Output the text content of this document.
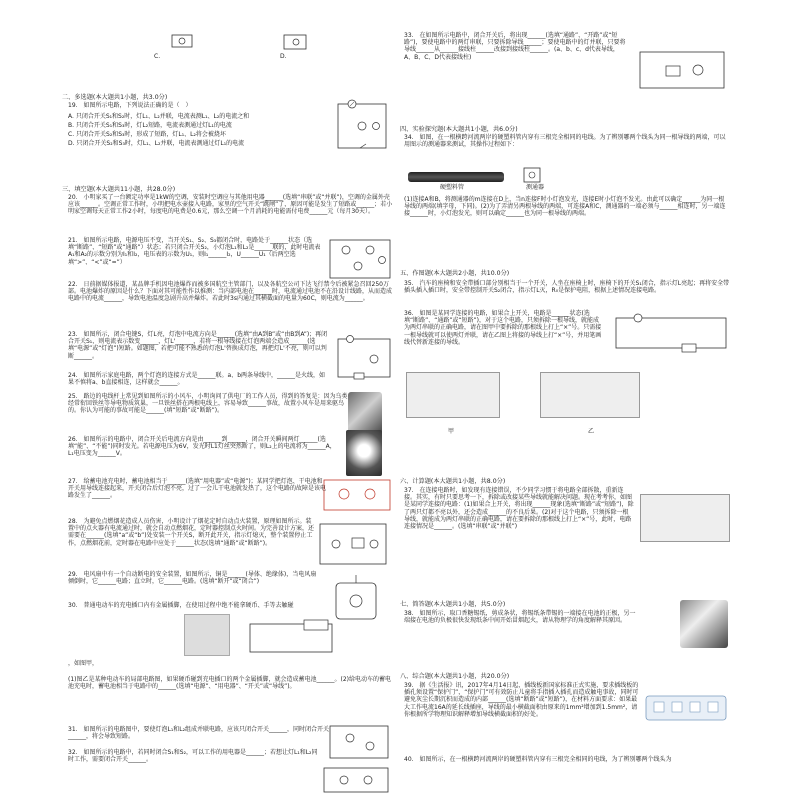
C.	D.
二、多选题(本大题共1小题，共3.0分)
19.　如图所示电路，下列说法正确的是（　）
A. 只闭合开关S₁和S₂时，灯L₁、L₂并联，电流表测L₁、L₂的电流之和
B. 只闭合开关S₁和S₃时，灯L₂短路，电流表测通过灯L₁的电流
C. 只闭合开关S₂和S₃时，形成了短路，灯L₁、L₂将会被烧坏
D. 只闭合开关S₂和S₃时，灯L₁、L₂并联，电流表测通过灯L₁的电流
三、填空题(本大题共11小题，共28.0分)
20.　小明家买了一台额定功率是1kW的空调，安装时空调应与其他用电器______(选填“串联”或“并联”)，空调的金属外壳应该______。空调正常工作时，小明把电水壶接入电路，家里的空气开关“跳闸”了，原因可能是发生了短路或______；若小明家空调每天正常工作2小时，每度电的电费是0.6元，那么空调一个月消耗的电能需付电费______元（每月30天）。
21.　如图所示电路，电源电压不变，当开关S₁、S₂、S₃都闭合时，电路处于______状态（选填“断路”、“短路”或“通路”）状态；若只闭合开关S₂，小灯泡L₁和L₂是______联的，此时电流表A₁和A₂的示数分别为I₁和I₂，电压表的示数为U₁，则I₁______I₂，U______U₁（后两空选填“>”、“<”或“=”）
22.　日前据媒体报道，某品牌手机因电池爆炸而被多国航空主管部门，以及各航空公司下达飞行禁令后被紧急召回250万部。电池爆炸的原因是什么？下面对其可能性作以推测：当内部电池在______时，电流通过电池不在沿设计线路，从而造成电路中的电流______，导致电池温度急剧升高并爆炸。若此时3s内通过其横截面的电量为60C，则电流为______。
23.　如图所示，闭合电键S，灯L亮，灯泡中电流方向是______(选填“由A到B”或“由B到A”)；再闭合开关S₁，则电流表示数变______，灯L'______，若将一根导线接在灯泡两端会造成______(选填“电源”或“灯泡”)短路。如题图，若把可能不熟悉的灯泡L'替换成灯泡，再把灯L'不亮，则可以判断______。
24.　如图所示家庭电路，两个灯泡的连接方式是______联。a、b两条导线中，______是火线，如果不慎将a、b直接相连，这样就会______。
25.　路边的电线杆上常见到如图所示的小风车，小明询问了供电厂的工作人员，得到的答复是：因为乌类经常衔回铁丝等导电物质筑巢，一旦铁丝搭在两根电线上，容易导致______事故，故置小风车是用来驱鸟的。你认为可能的事故可能是______(填“短路”或“断路”)。
26.　如图所示的电路中，闭合开关后电流方向是由______到______，闭合开关瞬间两灯______(选填“能”、“不能”)同时发光。若电源电压为6V，发光时L1灯丝突然断了，则L₂上的电流将为______A，L₁电压变为______V。
27.　给蓄电池充电时，蓄电池相当于______(选填“用电器”或“电源”)；某同学把灯泡、干电池和开关用导线连接起来，开关闭合后灯泡不亮，过了一会儿干电池就发热了，这个电路的故障是该电路发生了______。
28.　为避免点燃烟花造成人员伤害，小明设计了烟花定时自动点火装置，原理如图所示。装置中的点火器有电流通过时，就会自动点燃烟花，定时器控制点火时间。为完善设计方案，还需要在______(选填“a”或“b”)处安装一个开关S，断开此开关，指示灯熄灭，整个装置停止工作，点燃烟花前，定时器在电路中应处于______状态(选填“通路”或“断路”)。
29.　电风扇中有一个自动断电的安全装置，如图所示，铜是______(导体、绝缘体)，当电风扇倾倒时，它______电路；直立时，它______电路。(选填“断开”或“闭合”)
30.　普通电动车的充电插口内有金属插脚，在使用过程中绝不能拿硬币、手等去触碰
，如图甲，
(1)图乙是某种电动车的局部电路图，如果硬币碰到充电插口的两个金属插脚，就会造成蓄电池______。(2)给电动车的蓄电池充电时，蓄电池相当于电路中的______(选填“电源”、“用电器”、“开关”或“导线”)。
31.　如图所示的电路图中，要使灯泡L₁和L₂组成并联电路，应该只闭合开关______，同时闭合开关______，将会导致短路。
32.　如图所示的电路中，若同时闭合S₁和S₂，可以工作的用电器是______；若想让灯L₁和L₂同时工作，需要闭合开关______。
33.　在如图所示电路中，闭合开关后，将出现______(选填“通路”、“开路”或“短路”)，要使电路中的两灯串联，只要拆除导线______；要使电路中的灯并联，只要将导线______从______接线柱______改接到接线柱______。(a、b、c、d代表导线，A、B、C、D代表接线柱)
四、实验探究题(本大题共1小题，共6.0分)
34.　如图，在一根横跨河流两岸的硬塑料管内穿有三根完全相同的电线。为了辨别哪两个线头为同一根导线的两端，可以用图示的测通器来测试，其操作过程如下：
硬塑料管	测通器
(1)连接A和B，将测通器的m连接在D上，当n连接F时小灯泡发光，连接E时小灯泡不发光。由此可以确定______为同一根导线的两端(填字母，下同)。(2)为了弄清另两根导线的两端，可连接A和C，测通器的一端必须与______相连时，另一端连接______时，小灯泡发光，则可以确定______也为同一根导线的两端。
五、作图题(本大题共2小题，共10.0分)
35.　汽车的座椅和安全带插口部分别相当于一个开关，人坐在座椅上时，座椅下的开关S₁闭合，指示灯L亮起；再将安全带插头插入插口时，安全带控制开关S₂闭合，指示灯L灭，R₀是保护电阻，根据上述情况连接电路。
36.　如图是某同学连接的电路，如果合上开关，电路是______状态(选填“断路”、“通路”或“短路”)，对于这个电路，只须拆除一根导线，就能成为两灯串联的正确电路，请在图甲中要拆除的那根线上打上“×”号。只需接一根导线就可以使两灯并联，请在乙图上将接的导线上打“×”号，并用笔画线代替新连接的导线。
甲	乙
六、计算题(本大题共1小题，共8.0分)
37.　在连接电路时，如发现有连接错误，不少同学习惯于将电路全部拆散，重新连接。其实，有时只要思考一下，拆除或改接某些导线就能解决问题。现在考考你，如图是某同学连接的电路：(1)如果合上开关，将出现______现象(选填“断路”或“短路”)，除了两只灯都不亮以外，还会造成______的不良后果。(2)对于这个电路，只须拆除一根导线，就能成为两灯串联的正确电路，请在要拆除的那根线上打上“×”号，此时，电路连接情况是______。(选填“串联”或“并联”)
七、简答题(本大题共1小题，共5.0分)
38.　如图所示，取口香糖锡纸，剪成条状，将锡纸条带锡的一端接在电池的正极，另一端接在电池的负极很快发现纸条中间开始冒烟起火，请从物理学的角度解释其原因。
八、综合题(本大题共1小题，共20.0分)
39.　据《生活报》讯，2017年4月14日起，插线板新国家标准正式实施，要求插线板的插孔须设置“保护门”，“保护门”可有效防止儿童将手指插入插孔而造成触电事故，同时可避免灰尘长期沉积而造成的内部______(选填“断路”或“短路”)，在材料方面要求：如果最大工作电流16A的延长线插座，导线的最小横截面积由原来的1mm²增加到1.5mm²，请你根据所学物理知识解释增加导线横截面积的好处。
40.　如图所示，在一根横跨河流两岸的硬塑料管内穿有三根完全相同的电线，为了辨别哪两个线头为
